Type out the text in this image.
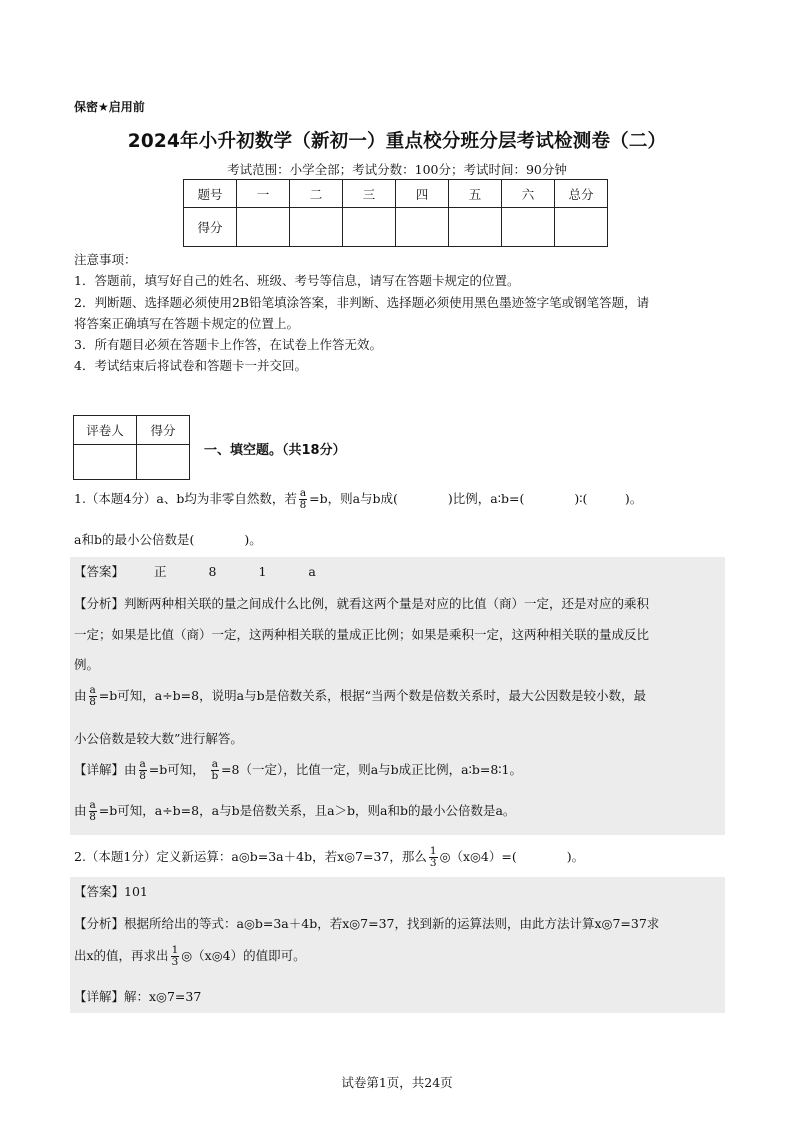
保密★启用前
2024年小升初数学（新初一）重点校分班分层考试检测卷（二）
考试范围：小学全部；考试分数：100分；考试时间：90分钟
题号	一	二	三	四	五	六	总分
得分							

注意事项：

1．答题前，填写好自己的姓名、班级、考号等信息，请写在答题卡规定的位置。

2．判断题、选择题必须使用2B铅笔填涂答案，非判断、选择题必须使用黑色墨迹签字笔或钢笔答题，请

将答案正确填写在答题卡规定的位置上。

3．所有题目必须在答题卡上作答，在试卷上作答无效。

4．考试结束后将试卷和答题卡一并交回。

评卷人	得分

一、填空题。（共18分）
1.（本题4分）a、b均为非零自然数，若 $\frac{a}{8} =b$，则a与b成(　　　　)比例，a∶b=(　　　　)∶(　　　)。
a和b的最小公倍数是(　　　　)。
【答案】 正	8	1	a
【分析】判断两种相关联的量之间成什么比例，就看这两个量是对应的比值（商）一定，还是对应的乘积
一定；如果是比值（商）一定，这两种相关联的量成正比例；如果是乘积一定，这两种相关联的量成反比
例。
由 $\frac{a}{8} =b$可知，a÷b=8，说明a与b是倍数关系，根据“当两个数是倍数关系时，最大公因数是较小数，最
小公倍数是较大数”进行解答。
【详解】由 $\frac{a}{8} =b$可知， $\frac{a}{b} =8$（一定），比值一定，则a与b成正比例，a∶b=8∶1。
由 $\frac{a}{8} =b$可知，a÷b=8，a与b是倍数关系，且a＞b，则a和b的最小公倍数是a。
2.（本题1分）定义新运算：a◎b=3a＋4b，若x◎7=37，那么 $\frac{1}{3}$ ◎（x◎4）=(　　　　)。
【答案】101
【分析】根据所给出的等式：a◎b=3a＋4b，若x◎7=37，找到新的运算法则，由此方法计算x◎7=37求
出x的值，再求出 $\frac{1}{3}$ ◎（x◎4）的值即可。
【详解】解：x◎7=37
试卷第1页，共24页
